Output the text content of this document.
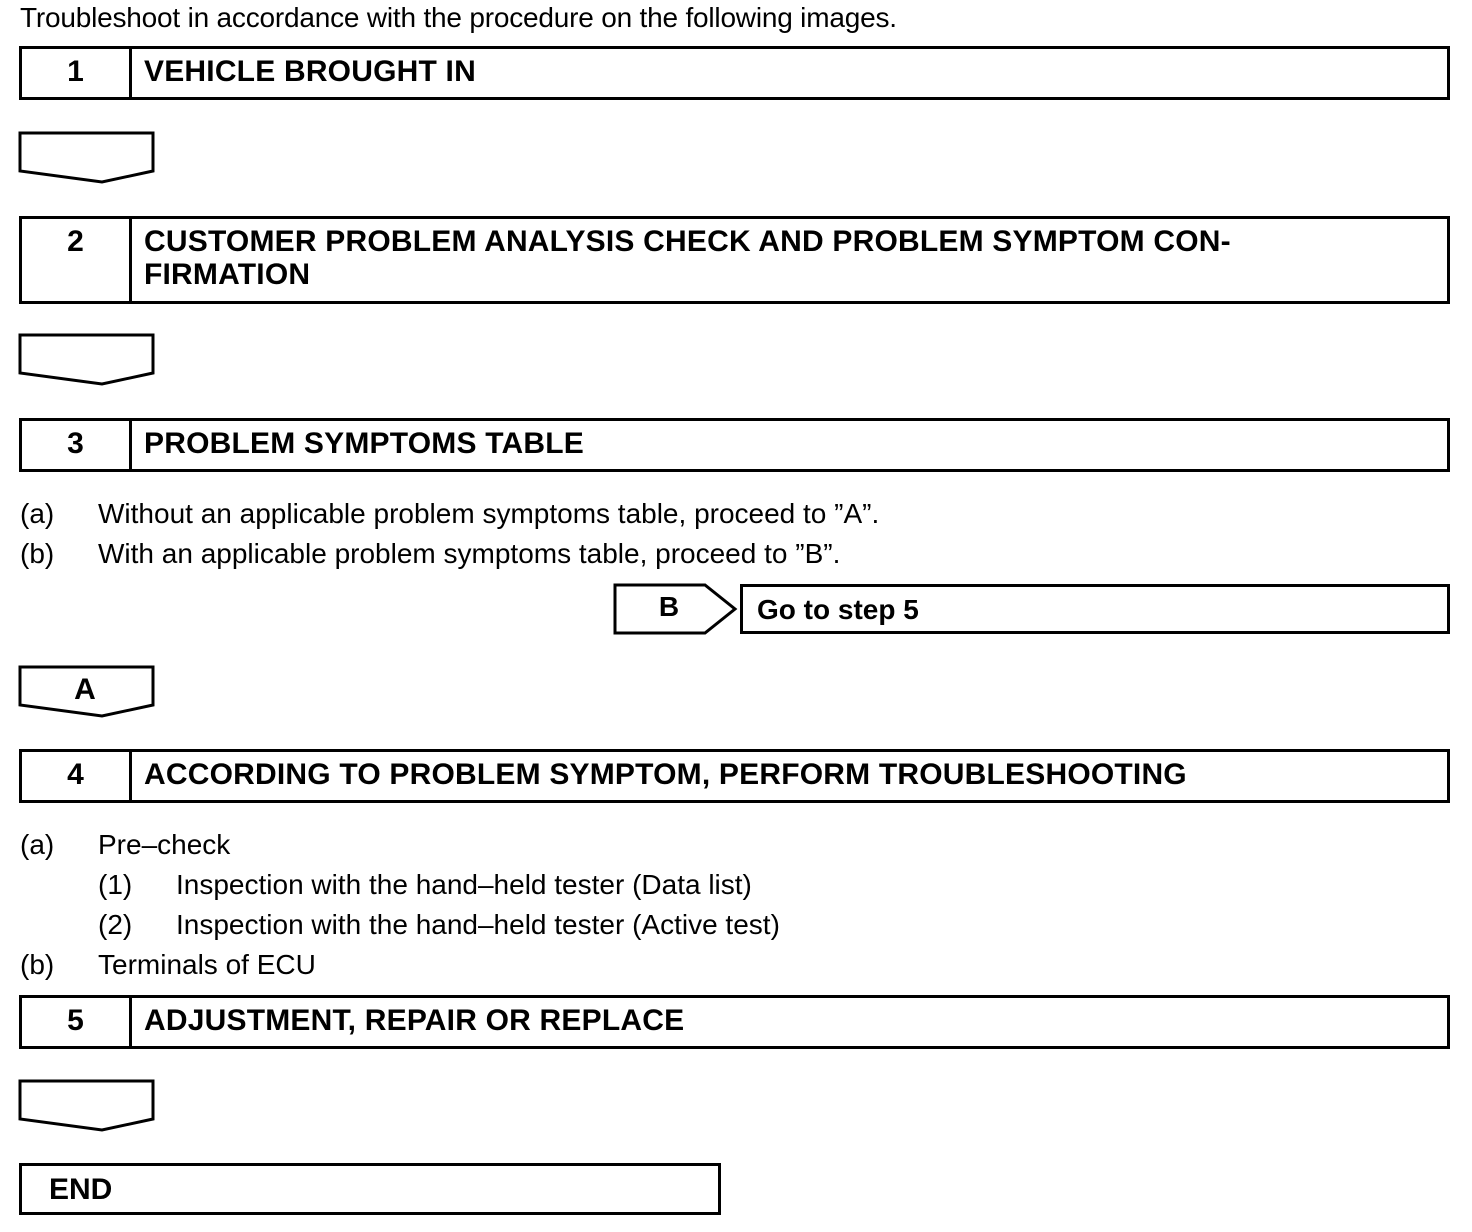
Troubleshoot in accordance with the procedure on the following images.
1	VEHICLE BROUGHT IN
2	CUSTOMER PROBLEM ANALYSIS CHECK AND PROBLEM SYMPTOM CON-
FIRMATION
3	PROBLEM SYMPTOMS TABLE
(a) Without an applicable problem symptoms table, proceed to ”A”.
(b) With an applicable problem symptoms table, proceed to ”B”.
B	Go to step 5
A
4	ACCORDING TO PROBLEM SYMPTOM, PERFORM TROUBLESHOOTING
(a) Pre–check
(1) Inspection with the hand–held tester (Data list)
(2) Inspection with the hand–held tester (Active test)
(b) Terminals of ECU
5	ADJUSTMENT, REPAIR OR REPLACE
END
